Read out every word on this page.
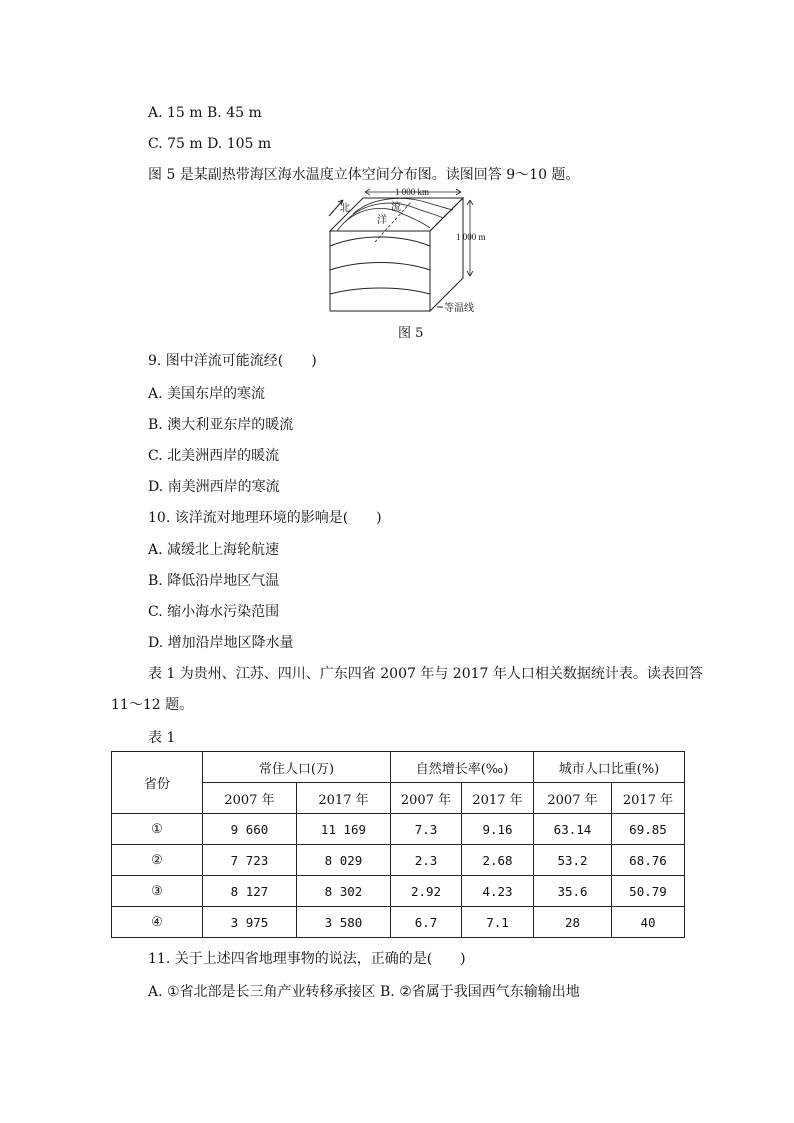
A. 15 m B. 45 m
C. 75 m D. 105 m
图 5 是某副热带海区海水温度立体空间分布图。读图回答 9～10 题。
1 000 km
北	流
洋
1 000 m
等温线
图 5
9. 图中洋流可能流经(　　)
A. 美国东岸的寒流
B. 澳大利亚东岸的暖流
C. 北美洲西岸的暖流
D. 南美洲西岸的寒流
10. 该洋流对地理环境的影响是(　　)
A. 减缓北上海轮航速
B. 降低沿岸地区气温
C. 缩小海水污染范围
D. 增加沿岸地区降水量
表 1 为贵州、江苏、四川、广东四省 2007 年与 2017 年人口相关数据统计表。读表回答
11～12 题。
表 1
省份	常住人口(万)		自然增长率(‰)		城市人口比重(%)	
	2007 年	2017 年	2007 年	2017 年	2007 年	2017 年
①	9 660	11 169	7.3	9.16	63.14	69.85
②	7 723	8 029	2.3	2.68	53.2	68.76
③	8 127	8 302	2.92	4.23	35.6	50.79
④	3 975	3 580	6.7	7.1	28	40
11. 关于上述四省地理事物的说法，正确的是(　　)
A. ①省北部是长三角产业转移承接区 B. ②省属于我国西气东输输出地
